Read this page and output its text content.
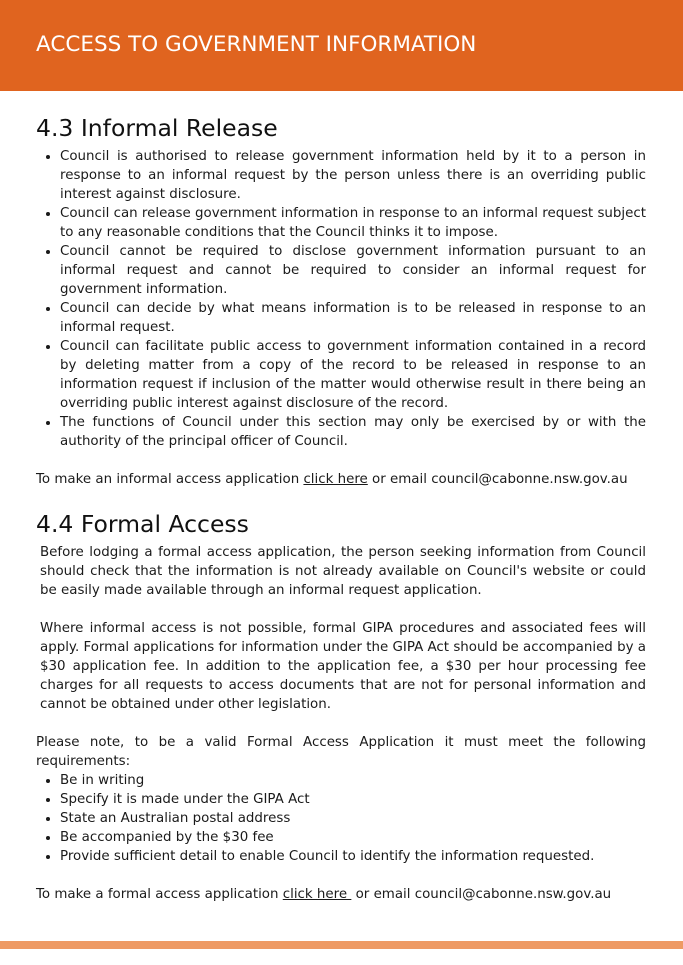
ACCESS TO GOVERNMENT INFORMATION
4.3 Informal Release
• Council is authorised to release government information held by it to a person in response to an informal request by the person unless there is an overriding public interest against disclosure.
• Council can release government information in response to an informal request subject to any reasonable conditions that the Council thinks it to impose.
• Council cannot be required to disclose government information pursuant to an informal request and cannot be required to consider an informal request for government information.
• Council can decide by what means information is to be released in response to an informal request.
• Council can facilitate public access to government information contained in a record by deleting matter from a copy of the record to be released in response to an information request if inclusion of the matter would otherwise result in there being an overriding public interest against disclosure of the record.
• The functions of Council under this section may only be exercised by or with the authority of the principal officer of Council.

To make an informal access application click here or email council@cabonne.nsw.gov.au

4.4 Formal Access

Before lodging a formal access application, the person seeking information from Council should check that the information is not already available on Council's website or could be easily made available through an informal request application.

Where informal access is not possible, formal GIPA procedures and associated fees will apply. Formal applications for information under the GIPA Act should be accompanied by a $30 application fee. In addition to the application fee, a $30 per hour processing fee charges for all requests to access documents that are not for personal information and cannot be obtained under other legislation.

Please note, to be a valid Formal Access Application it must meet the following requirements:

• Be in writing
• Specify it is made under the GIPA Act
• State an Australian postal address
• Be accompanied by the $30 fee
• Provide sufficient detail to enable Council to identify the information requested.

To make a formal access application click here  or email council@cabonne.nsw.gov.au
